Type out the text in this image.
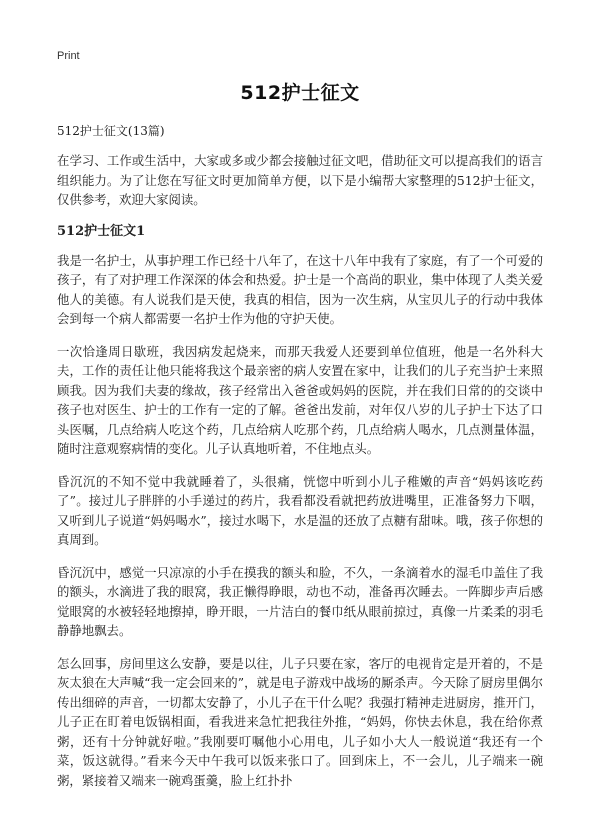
Print
512护士征文
512护士征文(13篇)

在学习、工作或生活中，大家或多或少都会接触过征文吧，借助征文可以提高我们的语言组织能力。为了让您在写征文时更加简单方便，以下是小编帮大家整理的512护士征文，仅供参考，欢迎大家阅读。

512护士征文1

我是一名护士，从事护理工作已经十八年了，在这十八年中我有了家庭，有了一个可爱的孩子，有了对护理工作深深的体会和热爱。护士是一个高尚的职业，集中体现了人类关爱他人的美德。有人说我们是天使，我真的相信，因为一次生病，从宝贝儿子的行动中我体会到每一个病人都需要一名护士作为他的守护天使。

一次恰逢周日歇班，我因病发起烧来，而那天我爱人还要到单位值班，他是一名外科大夫，工作的责任让他只能将我这个最亲密的病人安置在家中，让我们的儿子充当护士来照顾我。因为我们夫妻的缘故，孩子经常出入爸爸或妈妈的医院，并在我们日常的的交谈中孩子也对医生、护士的工作有一定的了解。爸爸出发前，对年仅八岁的儿子护士下达了口头医嘱，几点给病人吃这个药，几点给病人吃那个药，几点给病人喝水，几点测量体温，随时注意观察病情的变化。儿子认真地听着，不住地点头。

昏沉沉的不知不觉中我就睡着了，头很痛，恍惚中听到小儿子稚嫩的声音“妈妈该吃药了”。接过儿子胖胖的小手递过的药片，我看都没看就把药放进嘴里，正准备努力下咽，又听到儿子说道“妈妈喝水”，接过水喝下，水是温的还放了点糖有甜味。哦，孩子你想的真周到。

昏沉沉中，感觉一只凉凉的小手在摸我的额头和脸，不久，一条滴着水的湿毛巾盖住了我的额头，水滴进了我的眼窝，我正懒得睁眼，动也不动，准备再次睡去。一阵脚步声后感觉眼窝的水被轻轻地擦掉，睁开眼，一片洁白的餐巾纸从眼前掠过，真像一片柔柔的羽毛静静地飘去。

怎么回事，房间里这么安静，要是以往，儿子只要在家，客厅的电视肯定是开着的，不是灰太狼在大声喊“我一定会回来的”，就是电子游戏中战场的厮杀声。今天除了厨房里偶尔传出细碎的声音，一切都太安静了，小儿子在干什么呢？我强打精神走进厨房，推开门，儿子正在盯着电饭锅相面，看我进来急忙把我往外推，“妈妈，你快去休息，我在给你煮粥，还有十分钟就好啦。”我刚要叮嘱他小心用电，儿子如小大人一般说道“我还有一个菜，饭这就得。”看来今天中午我可以饭来张口了。回到床上，不一会儿，儿子端来一碗粥，紧接着又端来一碗鸡蛋羹，脸上红扑扑
